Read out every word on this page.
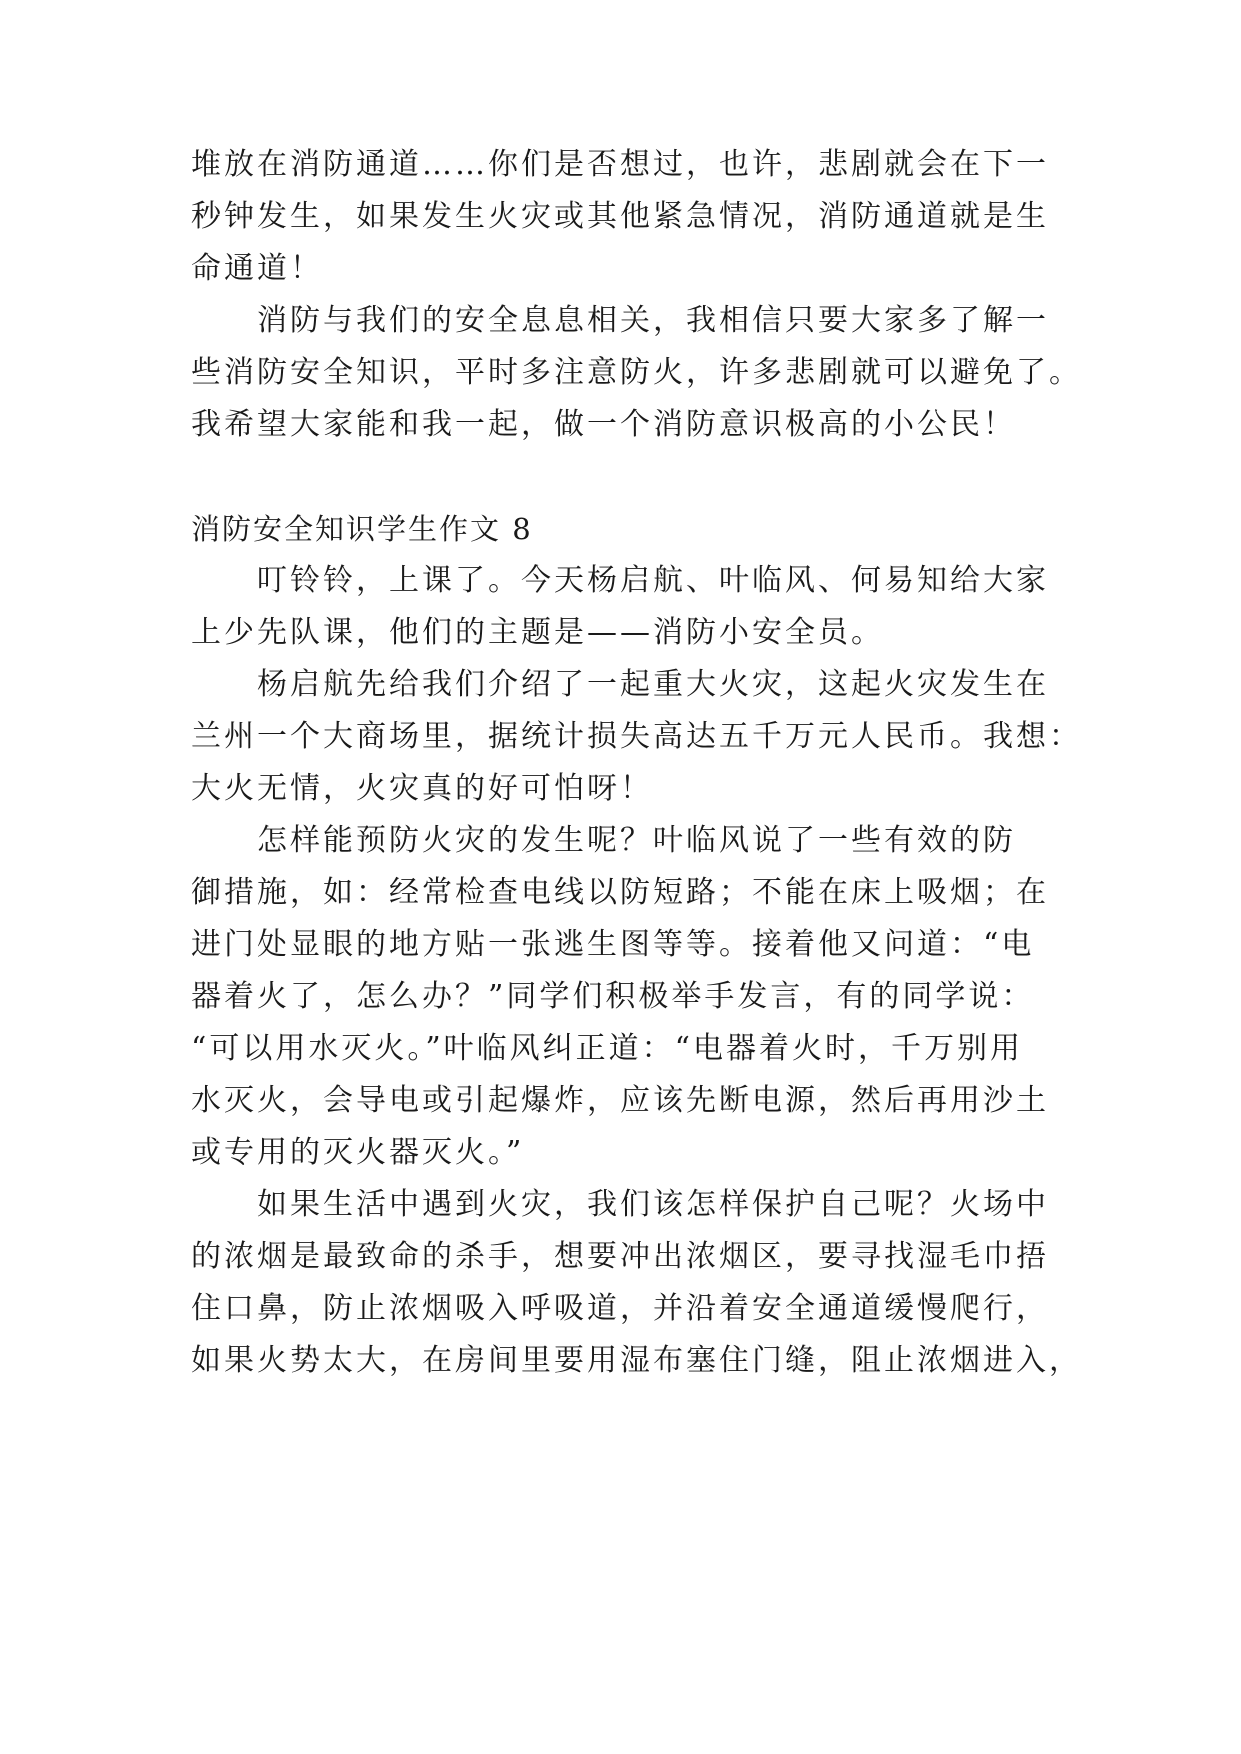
堆放在消防通道……你们是否想过，也许，悲剧就会在下一
秒钟发生，如果发生火灾或其他紧急情况，消防通道就是生
命通道！
　　消防与我们的安全息息相关，我相信只要大家多了解一
些消防安全知识，平时多注意防火，许多悲剧就可以避免了。
我希望大家能和我一起，做一个消防意识极高的小公民！
消防安全知识学生作文 8
　　叮铃铃，上课了。今天杨启航、叶临风、何易知给大家
上少先队课，他们的主题是——消防小安全员。
　　杨启航先给我们介绍了一起重大火灾，这起火灾发生在
兰州一个大商场里，据统计损失高达五千万元人民币。我想：
大火无情，火灾真的好可怕呀！
　　怎样能预防火灾的发生呢？叶临风说了一些有效的防
御措施，如：经常检查电线以防短路；不能在床上吸烟；在
进门处显眼的地方贴一张逃生图等等。接着他又问道：“电
器着火了，怎么办？”同学们积极举手发言，有的同学说：
“可以用水灭火。”叶临风纠正道：“电器着火时，千万别用
水灭火，会导电或引起爆炸，应该先断电源，然后再用沙土
或专用的灭火器灭火。”
　　如果生活中遇到火灾，我们该怎样保护自己呢？火场中
的浓烟是最致命的杀手，想要冲出浓烟区，要寻找湿毛巾捂
住口鼻，防止浓烟吸入呼吸道，并沿着安全通道缓慢爬行，
如果火势太大，在房间里要用湿布塞住门缝，阻止浓烟进入，
